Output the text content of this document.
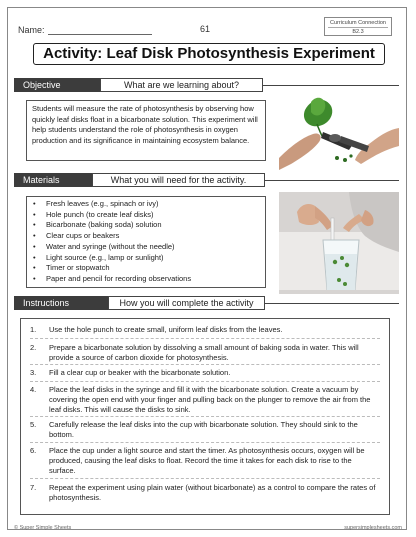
Name:	61
Curriculum Connection
B2.3
Activity: Leaf Disk Photosynthesis Experiment
Objective	What are we learning about?
Students will measure the rate of photosynthesis by observing how quickly leaf disks float in a bicarbonate solution. This experiment will help students understand the role of photosynthesis in oxygen production and its significance in maintaining ecosystem balance.
Materials	What you will need for the activity.
• Fresh leaves (e.g., spinach or ivy)
• Hole punch (to create leaf disks)
• Bicarbonate (baking soda) solution
• Clear cups or beakers
• Water and syringe (without the needle)
• Light source (e.g., lamp or sunlight)
• Timer or stopwatch
• Paper and pencil for recording observations
Instructions	How you will complete the activity
1. Use the hole punch to create small, uniform leaf disks from the leaves.
2. Prepare a bicarbonate solution by dissolving a small amount of baking soda in water. This will provide a source of carbon dioxide for photosynthesis.
3. Fill a clear cup or beaker with the bicarbonate solution.
4. Place the leaf disks in the syringe and fill it with the bicarbonate solution. Create a vacuum by covering the open end with your finger and pulling back on the plunger to remove the air from the leaf disks. This will cause the disks to sink.
5. Carefully release the leaf disks into the cup with bicarbonate solution. They should sink to the bottom.
6. Place the cup under a light source and start the timer. As photosynthesis occurs, oxygen will be produced, causing the leaf disks to float. Record the time it takes for each disk to rise to the surface.
7. Repeat the experiment using plain water (without bicarbonate) as a control to compare the rates of photosynthesis.
© Super Simple Sheets	supersimplesheets.com
